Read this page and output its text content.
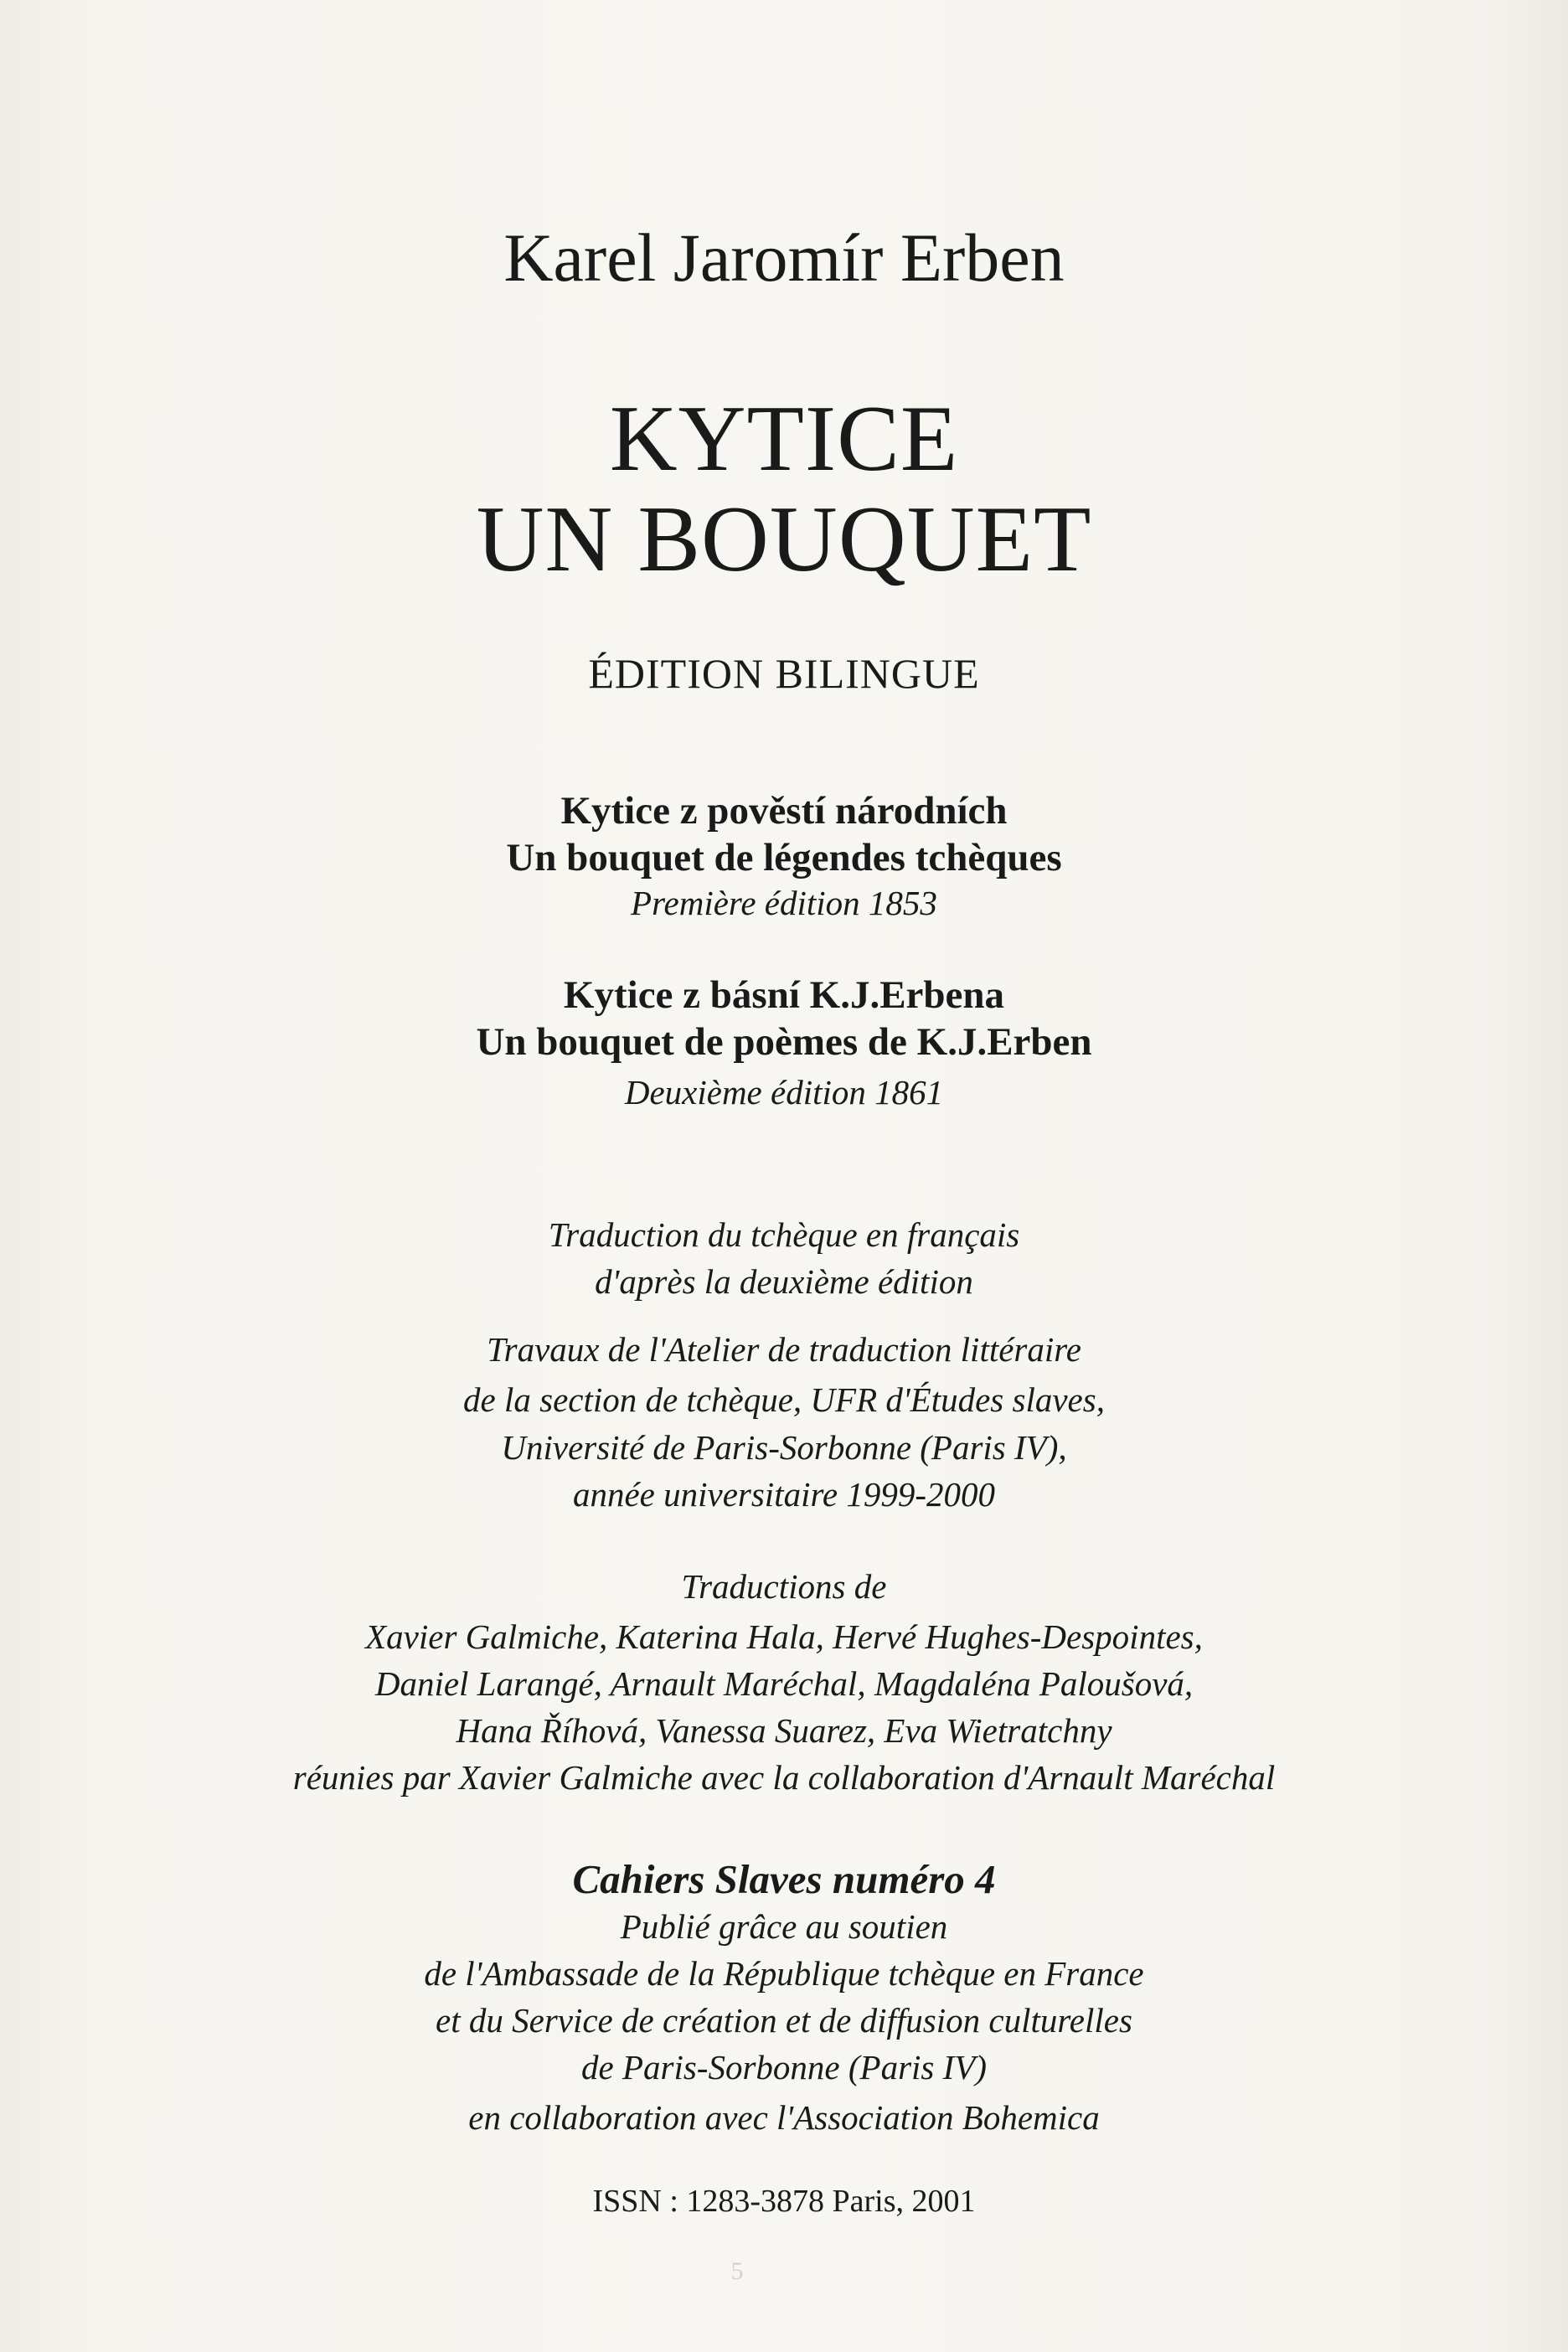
Karel Jaromír Erben
KYTICE
UN BOUQUET
ÉDITION BILINGUE
Kytice z pověstí národních
Un bouquet de légendes tchèques
Première édition 1853
Kytice z básní K.J.Erbena
Un bouquet de poèmes de K.J.Erben
Deuxième édition 1861
Traduction du tchèque en français
d'après la deuxième édition
Travaux de l'Atelier de traduction littéraire
de la section de tchèque, UFR d'Études slaves,
Université de Paris-Sorbonne (Paris IV),
année universitaire 1999-2000
Traductions de
Xavier Galmiche, Katerina Hala, Hervé Hughes-Despointes,
Daniel Larangé, Arnault Maréchal, Magdaléna Paloušová,
Hana Říhová, Vanessa Suarez, Eva Wietratchny
réunies par Xavier Galmiche avec la collaboration d'Arnault Maréchal
Cahiers Slaves numéro 4
Publié grâce au soutien
de l'Ambassade de la République tchèque en France
et du Service de création et de diffusion culturelles
de Paris-Sorbonne (Paris IV)
en collaboration avec l'Association Bohemica
ISSN : 1283-3878 Paris, 2001
5
